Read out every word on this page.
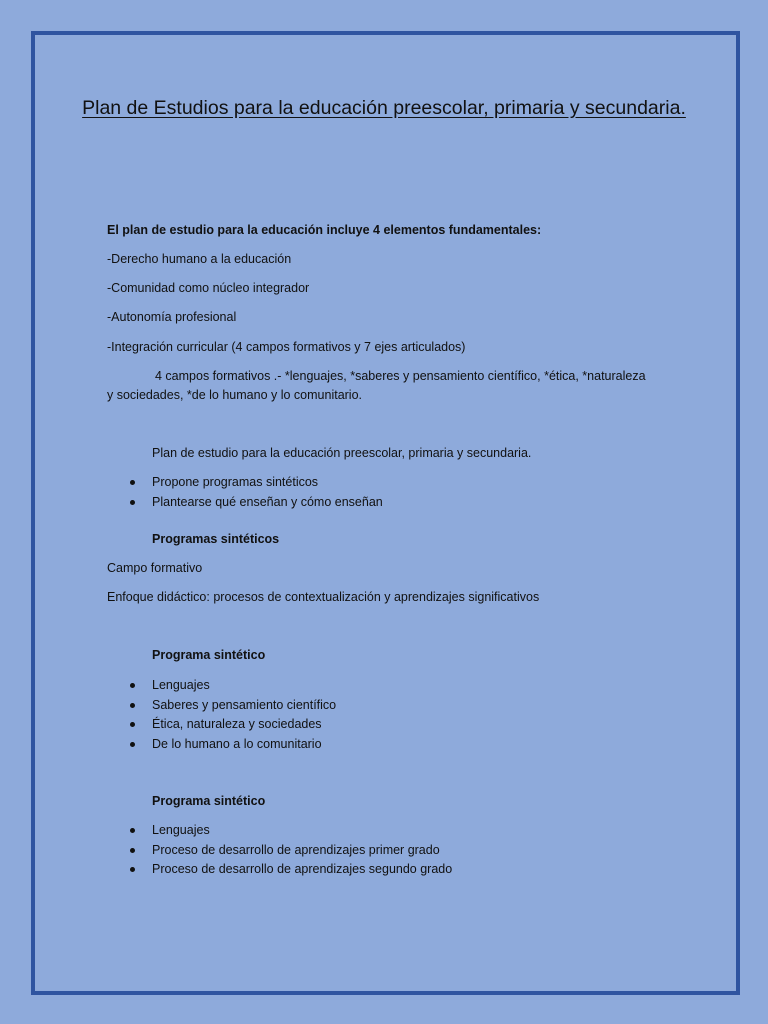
Plan de Estudios para la educación preescolar, primaria y secundaria.

El plan de estudio para la educación incluye 4 elementos fundamentales:

-Derecho humano a la educación

-Comunidad como núcleo integrador

-Autonomía profesional

-Integración curricular (4 campos formativos y 7 ejes articulados)

4 campos formativos .- *lenguajes, *saberes y pensamiento científico, *ética, *naturaleza

y sociedades, *de lo humano y lo comunitario.

Plan de estudio para la educación preescolar, primaria y secundaria.

Propone programas sintéticos
Plantearse qué enseñan y cómo enseñan

Programas sintéticos

Campo formativo

Enfoque didáctico: procesos de contextualización y aprendizajes significativos

Programa sintético

Lenguajes
Saberes y pensamiento científico
Ética, naturaleza y sociedades
De lo humano a lo comunitario

Programa sintético

Lenguajes
Proceso de desarrollo de aprendizajes primer grado
Proceso de desarrollo de aprendizajes segundo grado
